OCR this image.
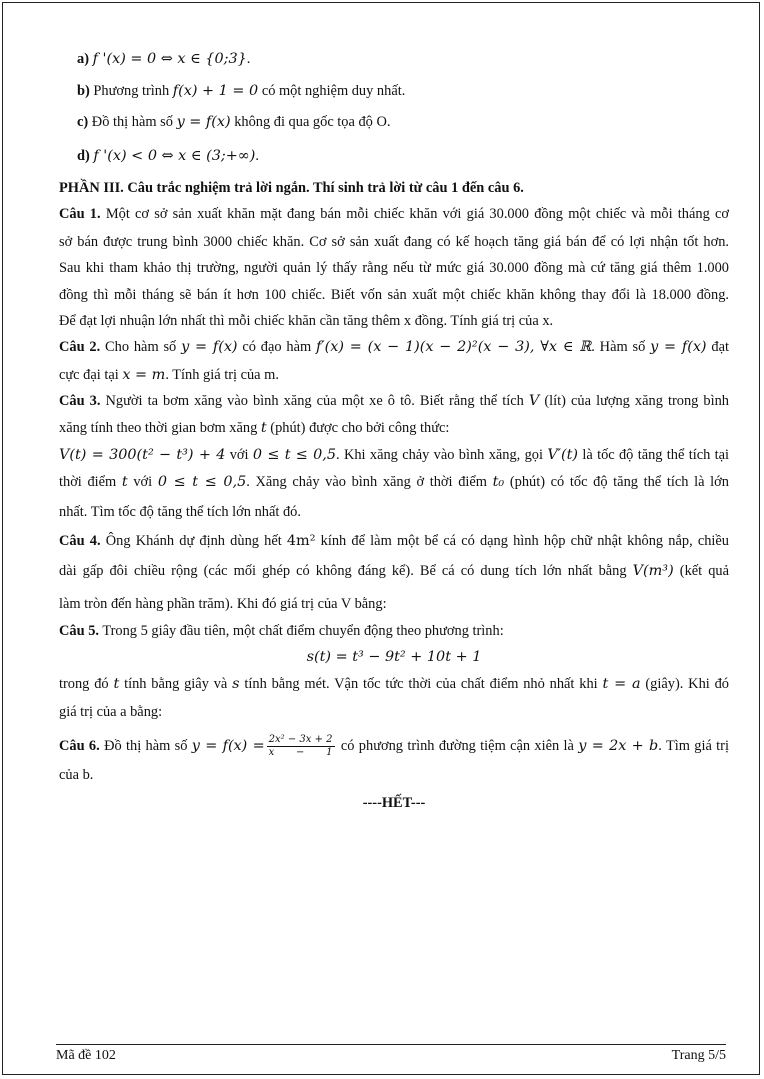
a) f '(x) = 0 ⇔ x ∈ {0;3}.
b) Phương trình f(x) + 1 = 0 có một nghiệm duy nhất.
c) Đồ thị hàm số y = f(x) không đi qua gốc tọa độ O.
d) f '(x) < 0 ⇔ x ∈ (3;+∞).
PHẦN III. Câu trắc nghiệm trả lời ngắn. Thí sinh trả lời từ câu 1 đến câu 6.
Câu 1. Một cơ sở sản xuất khăn mặt đang bán mỗi chiếc khăn với giá 30.000 đồng một chiếc và mỗi tháng cơ
sở bán được trung bình 3000 chiếc khăn. Cơ sở sản xuất đang có kế hoạch tăng giá bán để có lợi nhận tốt hơn.
Sau khi tham khảo thị trường, người quản lý thấy rằng nếu từ mức giá 30.000 đồng mà cứ tăng giá thêm 1.000
đồng thì mỗi tháng sẽ bán ít hơn 100 chiếc. Biết vốn sản xuất một chiếc khăn không thay đổi là 18.000 đồng.
Để đạt lợi nhuận lớn nhất thì mỗi chiếc khăn cần tăng thêm x đồng. Tính giá trị của x.
Câu 2. Cho hàm số y = f(x) có đạo hàm f′(x) = (x − 1)(x − 2)²(x − 3), ∀x ∈ ℝ. Hàm số y = f(x) đạt
cực đại tại x = m. Tính giá trị của m.
Câu 3. Người ta bơm xăng vào bình xăng của một xe ô tô. Biết rằng thể tích V (lít) của lượng xăng trong bình
xăng tính theo thời gian bơm xăng t (phút) được cho bởi công thức:
V(t) = 300(t² − t³) + 4 với 0 ≤ t ≤ 0,5. Khi xăng chảy vào bình xăng, gọi V′(t) là tốc độ tăng thể tích tại
thời điểm t với 0 ≤ t ≤ 0,5. Xăng chảy vào bình xăng ở thời điểm t₀ (phút) có tốc độ tăng thể tích là lớn
nhất. Tìm tốc độ tăng thể tích lớn nhất đó.
Câu 4. Ông Khánh dự định dùng hết 4m² kính để làm một bể cá có dạng hình hộp chữ nhật không nắp, chiều
dài gấp đôi chiều rộng (các mối ghép có không đáng kể). Bể cá có dung tích lớn nhất bằng V(m³) (kết quả
làm tròn đến hàng phần trăm). Khi đó giá trị của V bằng:
Câu 5. Trong 5 giây đầu tiên, một chất điểm chuyển động theo phương trình:
s(t) = t³ − 9t² + 10t + 1
trong đó t tính bằng giây và s tính bằng mét. Vận tốc tức thời của chất điểm nhỏ nhất khi t = a (giây). Khi đó
giá trị của a bằng:
Câu 6. Đồ thị hàm số $y = f(x) = \frac{\text{2x² − 3x + 2}}{x - 1}$ có phương trình đường tiệm cận xiên là y = 2x + b. Tìm giá trị
của b.
----HẾT---
Mã đề 102	Trang 5/5
